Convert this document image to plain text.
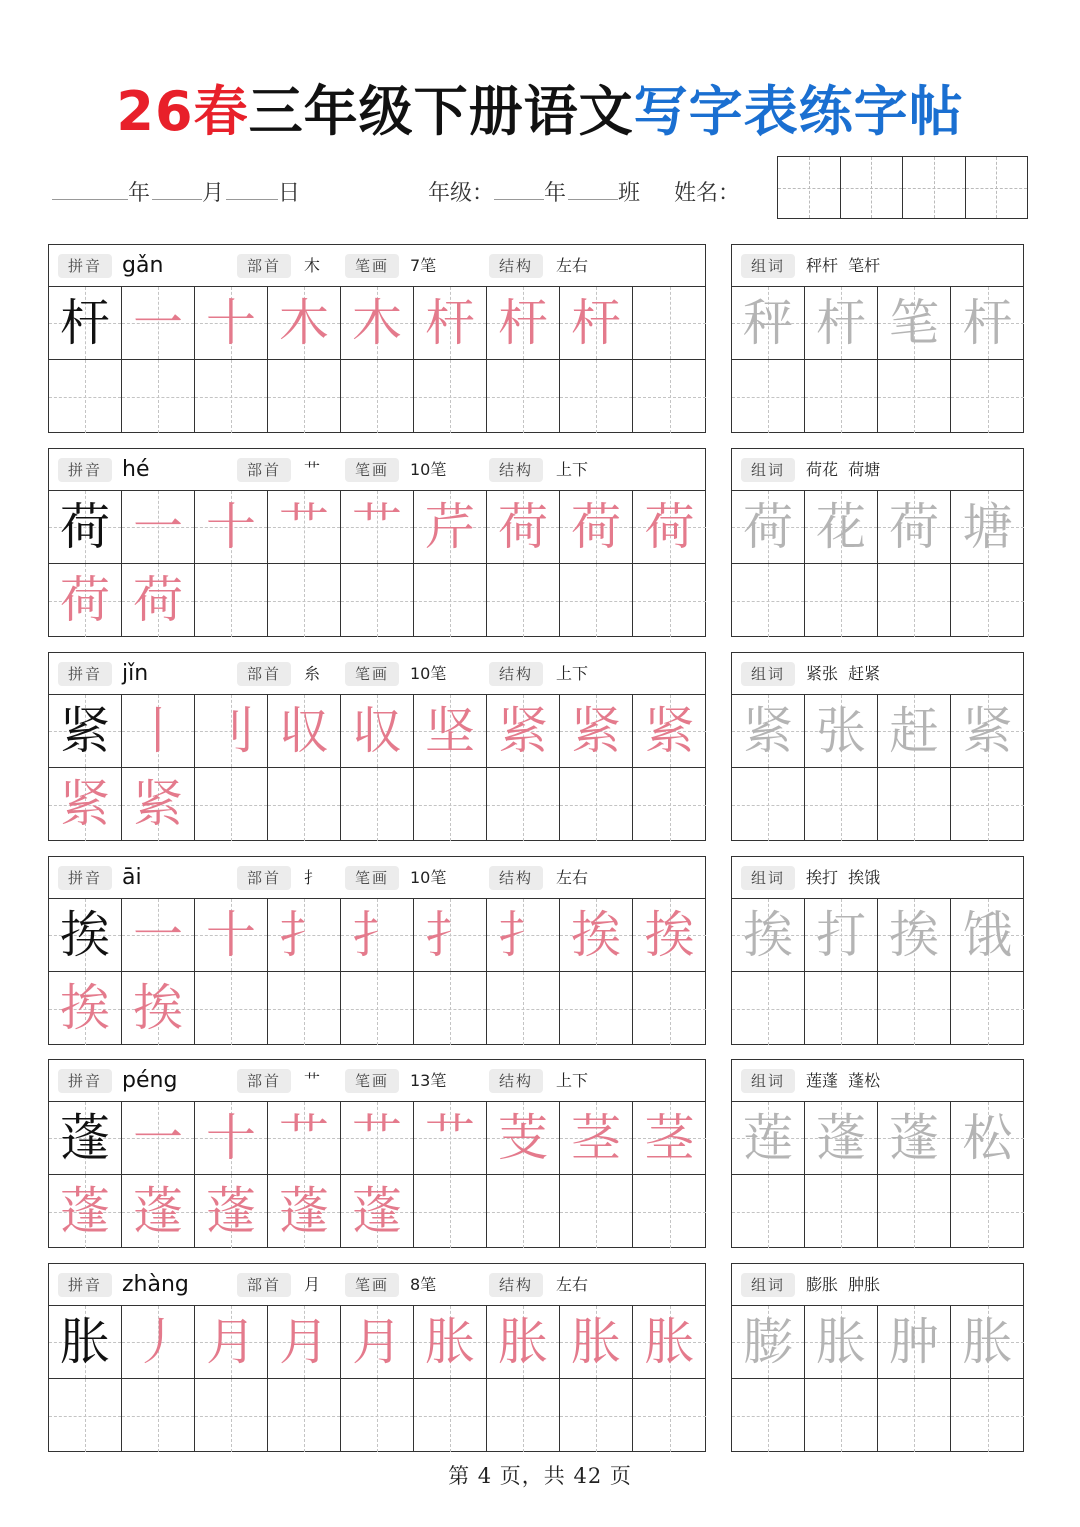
26春三年级下册语文写字表练字帖
年 月 日	年级： 年 班 姓名：
拼音 gǎn	部首	木	笔画	7笔	结构	左右
杆 一 十 木 木 杆 杆 杆
组词	秤杆  笔杆
秤 杆 笔 杆
拼音 hé	部首	艹	笔画	10笔	结构	上下
荷 一 十 艹 艹 芹 荷 荷 荷
荷 荷
组词	荷花  荷塘
荷 花 荷 塘
拼音 jǐn	部首	糸	笔画	10笔	结构	上下
紧 丨 刂 収 収 坚 紧 紧 紧
紧 紧
组词	紧张  赶紧
紧 张 赶 紧
拼音 āi	部首	扌	笔画	10笔	结构	左右
挨 一 十 扌 扌 扌 扌 挨 挨
挨 挨
组词	挨打  挨饿
挨 打 挨 饿
拼音 péng	部首	艹	笔画	13笔	结构	上下
蓬 一 十 艹 艹 艹 芰 茎 茎
蓬 蓬 蓬 蓬 蓬
组词	莲蓬  蓬松
莲 蓬 蓬 松
拼音 zhàng	部首	月	笔画	8笔	结构	左右
胀 丿 月 月 月 胀 胀 胀 胀
组词	膨胀  肿胀
膨 胀 肿 胀
第 4 页，共 42 页
